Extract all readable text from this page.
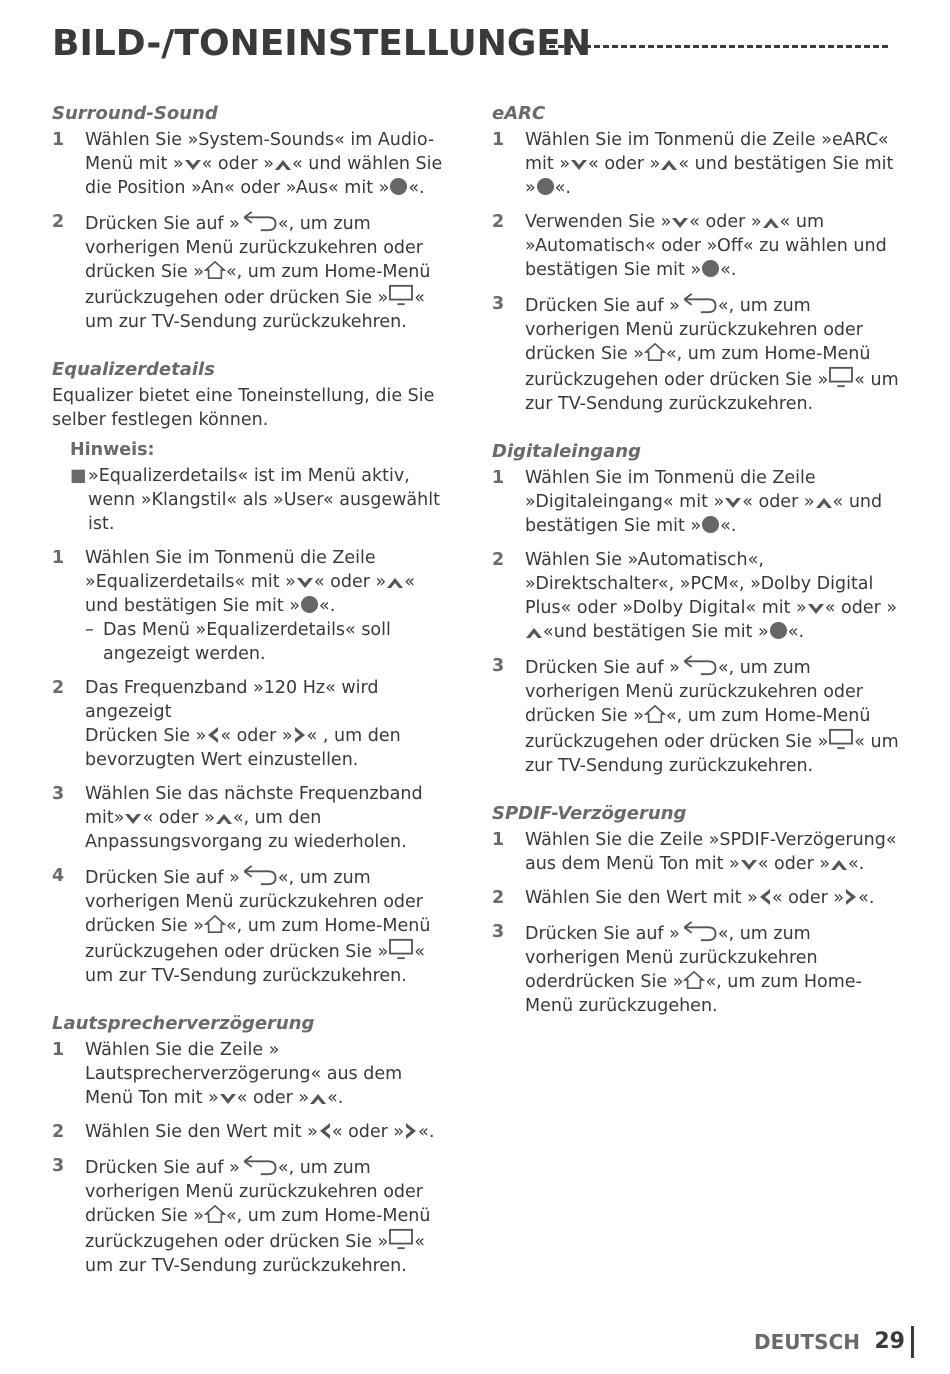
BILD-/TONEINSTELLUNGEN
Surround-Sound
1	Wählen Sie »System-Sounds« im Audio-Menü mit » « oder » « und wählen Sie die Position »An« oder »Aus« mit » «.
2	Drücken Sie auf » «, um zum vorherigen Menü zurückzukehren oder drücken Sie » «, um zum Home-Menü zurückzugehen oder drücken Sie » « um zur TV-Sendung zurückzukehren.
Equalizerdetails
Equalizer bietet eine Toneinstellung, die Sie selber festlegen können.
Hinweis:
■ »Equalizerdetails« ist im Menü aktiv, wenn »Klangstil« als »User« ausgewählt ist.
1	Wählen Sie im Tonmenü die Zeile »Equalizerdetails« mit » « oder » « und bestätigen Sie mit » «.
– Das Menü »Equalizerdetails« soll angezeigt werden.
2	Das Frequenzband »120 Hz« wird angezeigt
Drücken Sie » « oder » « , um den bevorzugten Wert einzustellen.
3	Wählen Sie das nächste Frequenzband mit» « oder » «, um den Anpassungsvorgang zu wiederholen.
4	Drücken Sie auf » «, um zum vorherigen Menü zurückzukehren oder drücken Sie » «, um zum Home-Menü zurückzugehen oder drücken Sie » « um zur TV-Sendung zurückzukehren.
Lautsprecherverzögerung
1	Wählen Sie die Zeile » Lautsprecherverzögerung« aus dem Menü Ton mit » « oder » «.
2	Wählen Sie den Wert mit » « oder » «.
3	Drücken Sie auf » «, um zum vorherigen Menü zurückzukehren oder drücken Sie » «, um zum Home-Menü zurückzugehen oder drücken Sie » « um zur TV-Sendung zurückzukehren.
eARC
1	Wählen Sie im Tonmenü die Zeile »eARC« mit » « oder » « und bestätigen Sie mit » «.
2	Verwenden Sie » « oder » « um »Automatisch« oder »Off« zu wählen und bestätigen Sie mit » «.
3	Drücken Sie auf » «, um zum vorherigen Menü zurückzukehren oder drücken Sie » «, um zum Home-Menü zurückzugehen oder drücken Sie » « um zur TV-Sendung zurückzukehren.
Digitaleingang
1	Wählen Sie im Tonmenü die Zeile »Digitaleingang« mit » « oder » « und bestätigen Sie mit » «.
2	Wählen Sie »Automatisch«, »Direktschalter«, »PCM«, »Dolby Digital Plus« oder »Dolby Digital« mit » « oder »«und bestätigen Sie mit » «.
3	Drücken Sie auf » «, um zum vorherigen Menü zurückzukehren oder drücken Sie » «, um zum Home-Menü zurückzugehen oder drücken Sie » « um zur TV-Sendung zurückzukehren.
SPDIF-Verzögerung
1	Wählen Sie die Zeile »SPDIF-Verzögerung« aus dem Menü Ton mit » « oder » «.
2	Wählen Sie den Wert mit » « oder » «.
3	Drücken Sie auf » «, um zum vorherigen Menü zurückzukehren oderdrücken Sie » «, um zum Home-Menü zurückzugehen.
DEUTSCH 29
